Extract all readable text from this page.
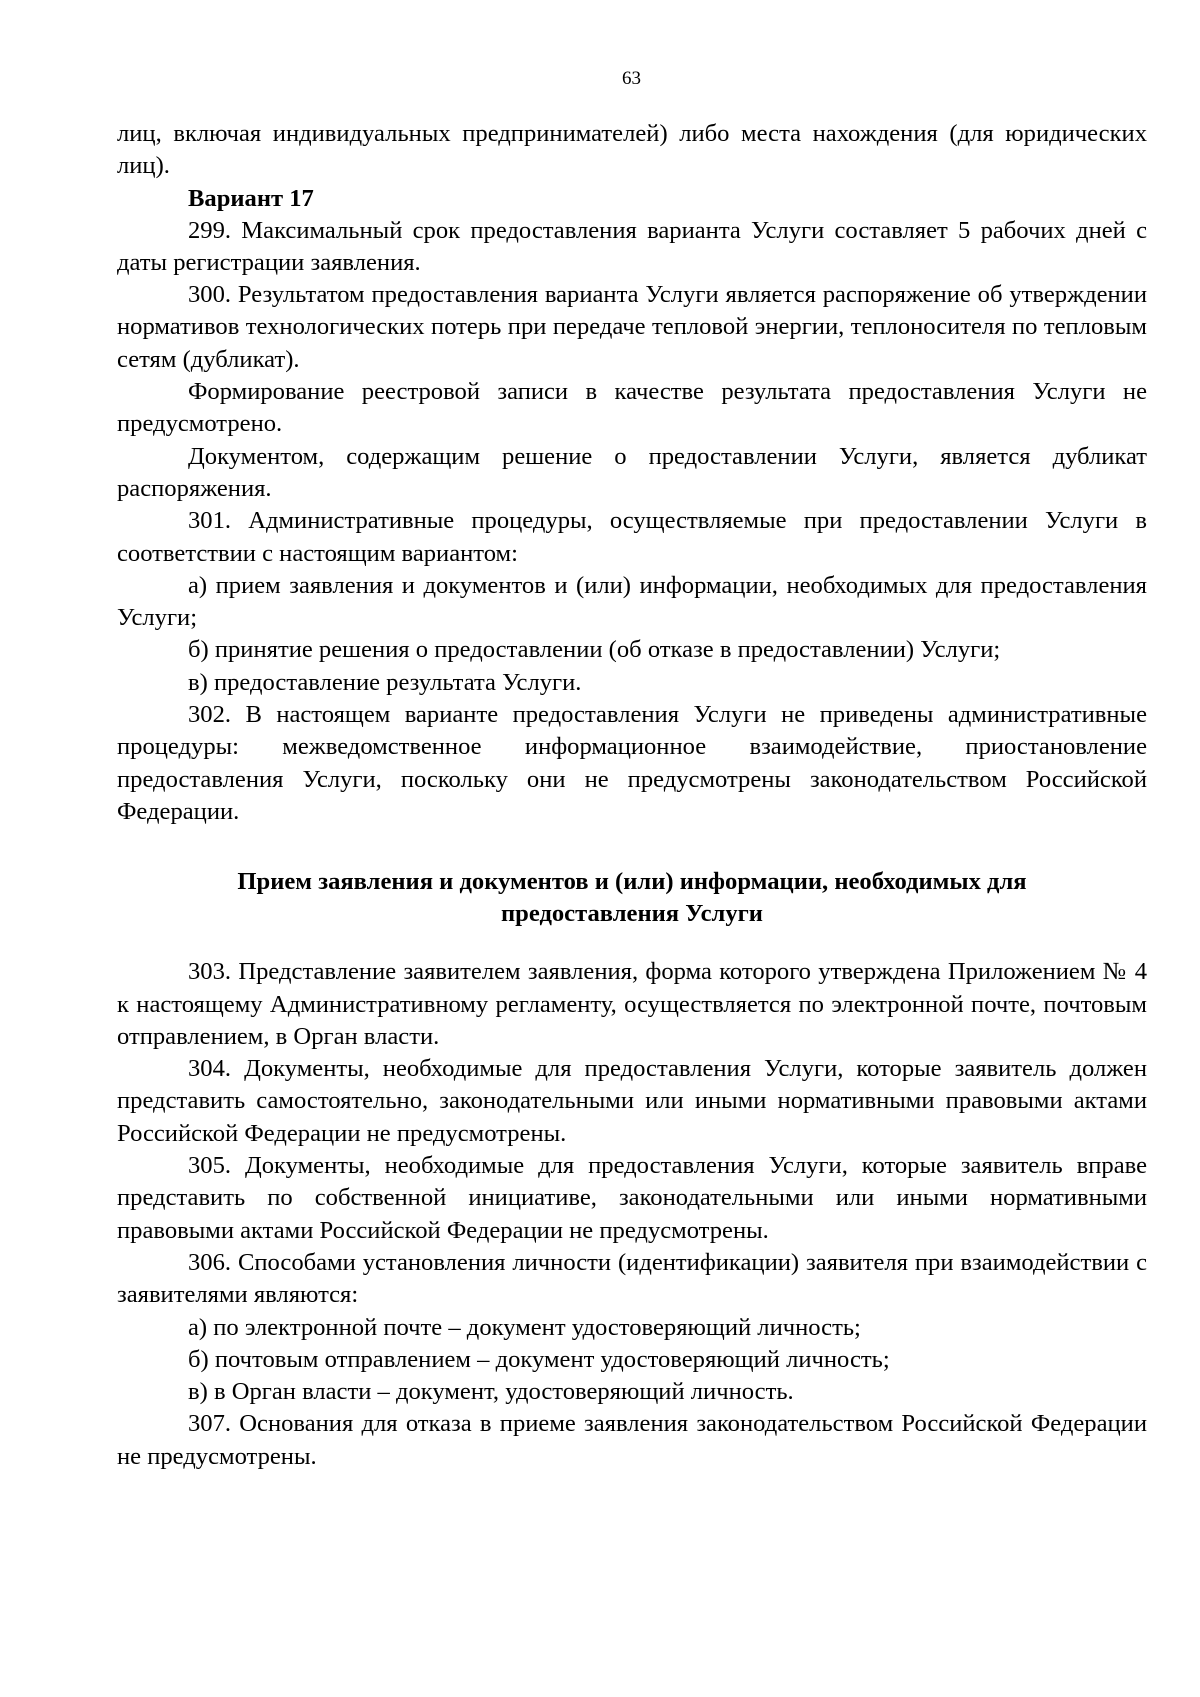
63

лиц, включая индивидуальных предпринимателей) либо места нахождения (для юридических лиц).

Вариант 17

299. Максимальный срок предоставления варианта Услуги составляет 5 рабочих дней с даты регистрации заявления.

300. Результатом предоставления варианта Услуги является распоряжение об утверждении нормативов технологических потерь при передаче тепловой энергии, теплоносителя по тепловым сетям (дубликат).

Формирование реестровой записи в качестве результата предоставления Услуги не предусмотрено.

Документом, содержащим решение о предоставлении Услуги, является дубликат распоряжения.

301. Административные процедуры, осуществляемые при предоставлении Услуги в соответствии с настоящим вариантом:

а) прием заявления и документов и (или) информации, необходимых для предоставления Услуги;

б) принятие решения о предоставлении (об отказе в предоставлении) Услуги;

в) предоставление результата Услуги.

302. В настоящем варианте предоставления Услуги не приведены административные процедуры: межведомственное информационное взаимодействие, приостановление предоставления Услуги, поскольку они не предусмотрены законодательством Российской Федерации.

Прием заявления и документов и (или) информации, необходимых для
предоставления Услуги

303. Представление заявителем заявления, форма которого утверждена Приложением № 4 к настоящему Административному регламенту, осуществляется по электронной почте, почтовым отправлением, в Орган власти.

304. Документы, необходимые для предоставления Услуги, которые заявитель должен представить самостоятельно, законодательными или иными нормативными правовыми актами Российской Федерации не предусмотрены.

305. Документы, необходимые для предоставления Услуги, которые заявитель вправе представить по собственной инициативе, законодательными или иными нормативными правовыми актами Российской Федерации не предусмотрены.

306. Способами установления личности (идентификации) заявителя при взаимодействии с заявителями являются:

а) по электронной почте – документ удостоверяющий личность;

б) почтовым отправлением – документ удостоверяющий личность;

в) в Орган власти – документ, удостоверяющий личность.

307. Основания для отказа в приеме заявления законодательством Российской Федерации не предусмотрены.
